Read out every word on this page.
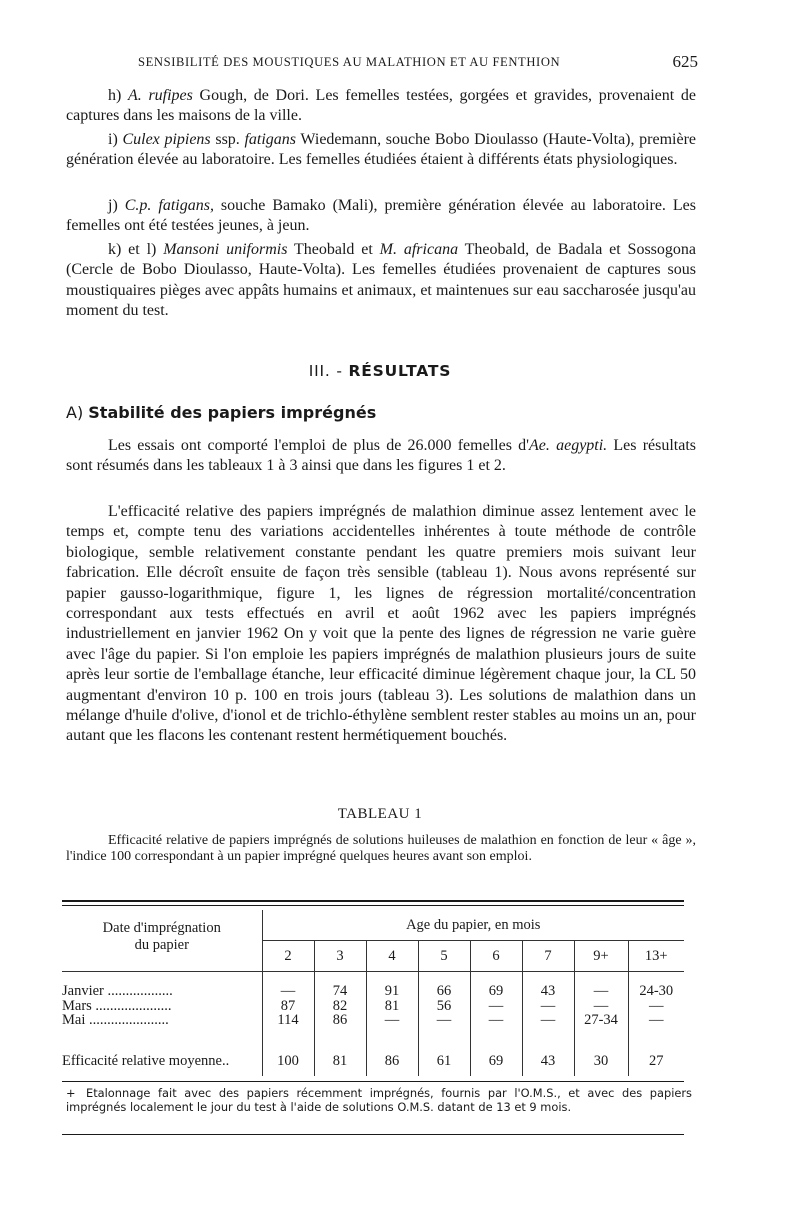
SENSIBILITÉ DES MOUSTIQUES AU MALATHION ET AU FENTHION	625

h) A. rufipes Gough, de Dori. Les femelles testées, gorgées et gravides, provenaient de captures dans les maisons de la ville.

i) Culex pipiens ssp. fatigans Wiedemann, souche Bobo Dioulasso (Haute-Volta), première génération élevée au laboratoire. Les femelles étudiées étaient à différents états physiologiques.

j) C.p. fatigans, souche Bamako (Mali), première génération élevée au laboratoire. Les femelles ont été testées jeunes, à jeun.

k) et l) Mansoni uniformis Theobald et M. africana Theobald, de Badala et Sossogona (Cercle de Bobo Dioulasso, Haute-Volta). Les femelles étudiées provenaient de captures sous moustiquaires pièges avec appâts humains et animaux, et maintenues sur eau saccharosée jusqu'au moment du test.

III. - RÉSULTATS
A) Stabilité des papiers imprégnés

Les essais ont comporté l'emploi de plus de 26.000 femelles d'Ae. aegypti. Les résultats sont résumés dans les tableaux 1 à 3 ainsi que dans les figures 1 et 2.

L'efficacité relative des papiers imprégnés de malathion diminue assez lentement avec le temps et, compte tenu des variations accidentelles inhérentes à toute méthode de contrôle biologique, semble relativement constante pendant les quatre premiers mois suivant leur fabrication. Elle décroît ensuite de façon très sensible (tableau 1). Nous avons représenté sur papier gausso-logarithmique, figure 1, les lignes de régression mortalité/concentration correspondant aux tests effectués en avril et août 1962 avec les papiers imprégnés industriellement en janvier 1962 On y voit que la pente des lignes de régression ne varie guère avec l'âge du papier. Si l'on emploie les papiers imprégnés de malathion plusieurs jours de suite après leur sortie de l'emballage étanche, leur efficacité diminue légèrement chaque jour, la CL 50 augmentant d'environ 10 p. 100 en trois jours (tableau 3). Les solutions de malathion dans un mélange d'huile d'olive, d'ionol et de trichlo-éthylène semblent rester stables au moins un an, pour autant que les flacons les contenant restent hermétiquement bouchés.

TABLEAU 1

Efficacité relative de papiers imprégnés de solutions huileuses de malathion en fonction de leur « âge », l'indice 100 correspondant à un papier imprégné quelques heures avant son emploi.

Date d'imprégnation
du papier	Age du papier, en mois							
	2	3	4	5	6	7	9+	13+

Janvier ..................	—	74	91	66	69	43	—	24-30
Mars .....................	87	82	81	56	—	—	—	—
Mai ......................	114	86	—	—	—	—	27-34	—

Efficacité relative moyenne..	100	81	86	61	69	43	30	27

+ Etalonnage fait avec des papiers récemment imprégnés, fournis par l'O.M.S., et avec des papiers imprégnés localement le jour du test à l'aide de solutions O.M.S. datant de 13 et 9 mois.
